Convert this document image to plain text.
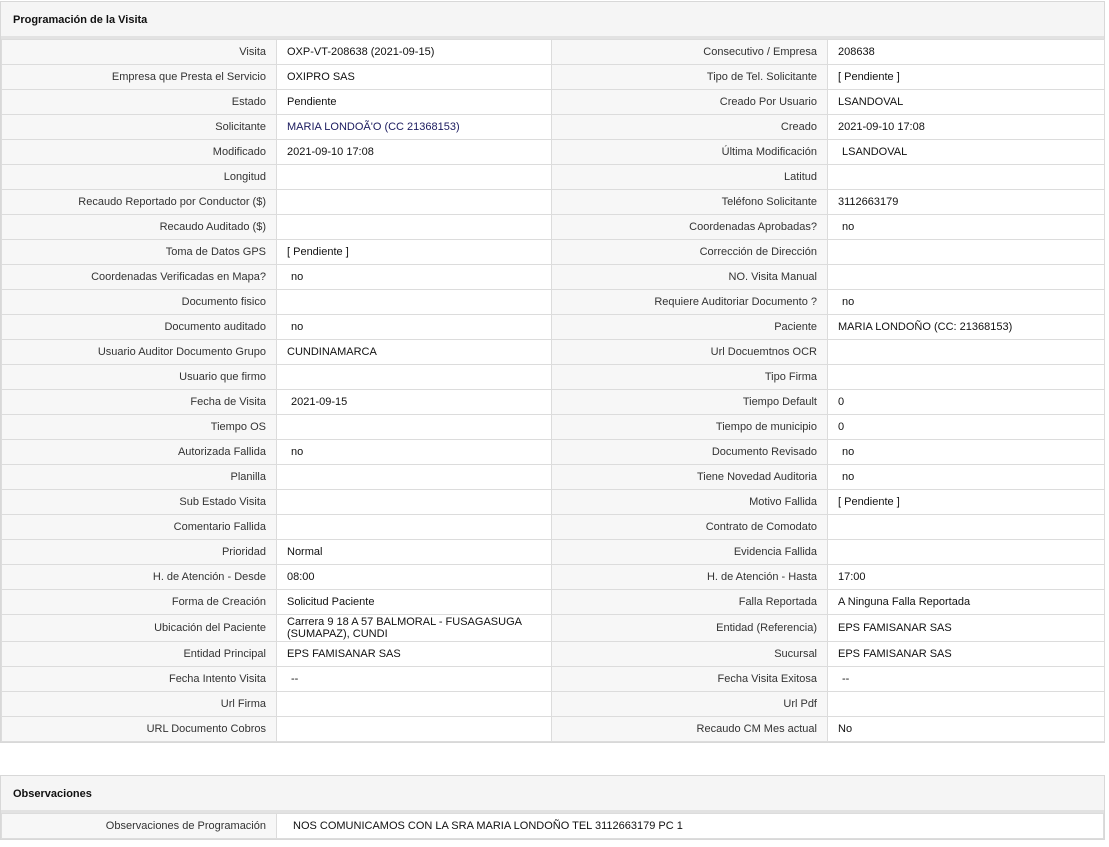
Programación de la Visita
Visita	OXP-VT-208638 (2021-09-15)	Consecutivo / Empresa	208638
Empresa que Presta el Servicio	OXIPRO SAS	Tipo de Tel. Solicitante	[ Pendiente ]
Estado	Pendiente	Creado Por Usuario	LSANDOVAL
Solicitante	MARIA LONDOÃ'O (CC 21368153)	Creado	2021-09-10 17:08
Modificado	2021-09-10 17:08	Última Modificación	LSANDOVAL
Longitud		Latitud	
Recaudo Reportado por Conductor ($)		Teléfono Solicitante	3112663179
Recaudo Auditado ($)		Coordenadas Aprobadas?	no
Toma de Datos GPS	[ Pendiente ]	Corrección de Dirección	
Coordenadas Verificadas en Mapa?	no	NO. Visita Manual	
Documento fisico		Requiere Auditoriar Documento ?	no
Documento auditado	no	Paciente	MARIA LONDOÑO (CC: 21368153)
Usuario Auditor Documento Grupo	CUNDINAMARCA	Url Docuemtnos OCR	
Usuario que firmo		Tipo Firma	
Fecha de Visita	2021-09-15	Tiempo Default	0
Tiempo OS		Tiempo de municipio	0
Autorizada Fallida	no	Documento Revisado	no
Planilla		Tiene Novedad Auditoria	no
Sub Estado Visita		Motivo Fallida	[ Pendiente ]
Comentario Fallida		Contrato de Comodato	
Prioridad	Normal	Evidencia Fallida	
H. de Atención - Desde	08:00	H. de Atención - Hasta	17:00
Forma de Creación	Solicitud Paciente	Falla Reportada	A Ninguna Falla Reportada
Ubicación del Paciente	Carrera 9 18 A 57 BALMORAL - FUSAGASUGA (SUMAPAZ), CUNDI	Entidad (Referencia)	EPS FAMISANAR SAS
Entidad Principal	EPS FAMISANAR SAS	Sucursal	EPS FAMISANAR SAS
Fecha Intento Visita	--	Fecha Visita Exitosa	--
Url Firma		Url Pdf	
URL Documento Cobros		Recaudo CM Mes actual	No
Observaciones
Observaciones de Programación	NOS COMUNICAMOS CON LA SRA MARIA LONDOÑO TEL 3112663179 PC 1
